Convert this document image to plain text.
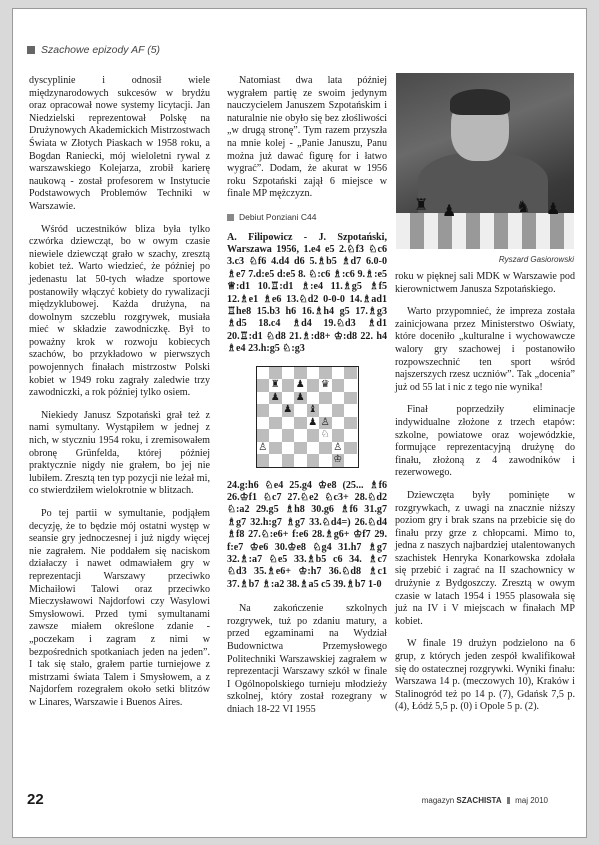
Szachowe epizody AF (5)

dyscyplinie i odnosił wiele międzynarodowych sukcesów w brydżu oraz opracował nowe systemy licytacji. Jan Niedzielski reprezentował Polskę na Drużynowych Akademickich Mistrzostwach Świata w Złotych Piaskach w 1958 roku, a Bogdan Raniecki, mój wieloletni rywal z warszawskiego Kolejarza, zrobił karierę naukową - został profesorem w Instytucie Podstawowych Problemów Techniki w Warszawie.

Wśród uczestników bliza była tylko czwórka dziewcząt, bo w owym czasie niewiele dziewcząt grało w szachy, zresztą kobiet też. Warto wiedzieć, że później po jedenastu lat 50-tych władze sportowe postanowiły włączyć kobiety do rywalizacji międzyklubowej. Każda drużyna, na dowolnym szczeblu rozgrywek, musiała mieć w składzie zawodniczkę. Był to poważny krok w rozwoju kobiecych szachów, bo przykładowo w pierwszych powojennych finałach mistrzostw Polski kobiet w 1949 roku zagrały zaledwie trzy zawodniczki, a rok później tylko osiem.

Niekiedy Janusz Szpotański grał też z nami symultany. Wystąpiłem w jednej z nich, w styczniu 1954 roku, i zremisowałem obronę Grünfelda, której później praktycznie nigdy nie grałem, bo jej nie lubiłem. Zresztą ten typ pozycji nie leżał mi, co stwierdziłem wielokrotnie w blitzach.

Po tej partii w symultanie, podjąłem decyzję, że to będzie mój ostatni występ w seansie gry jednoczesnej i już nigdy więcej nie zagrałem. Nie poddałem się naciskom działaczy i nawet odmawiałem gry w reprezentacji Warszawy przeciwko Michaiłowi Talowi oraz przeciwko Mieczysławowi Najdorfowi czy Wasylowi Smysłowowi. Przed tymi symultanami zawsze miałem określone zdanie - „poczekam i zagram z nimi w bezpośrednich spotkaniach jeden na jeden”. I tak się stało, grałem partie turniejowe z mistrzami świata Talem i Smysłowem, a z Najdorfem rozegrałem około setki blitzów w Linares, Warszawie i Buenos Aires.

Natomiast dwa lata później wygrałem partię ze swoim jedynym nauczycielem Januszem Szpotańskim i naturalnie nie obyło się bez złośliwości „w drugą stronę”. Tym razem przyszła na mnie kolej - „Panie Januszu, Panu można już dawać figurę for i łatwo wygrać”. Dodam, że akurat w 1956 roku Szpotański zajął 6 miejsce w finale MP mężczyzn.

Debiut Ponziani C44
A. Filipowicz - J. Szpotański, Warszawa 1956, 1.e4 e5 2.♘f3 ♘c6 3.c3 ♘f6 4.d4 d6 5.♗b5 ♗d7 6.0-0 ♗e7 7.d:e5 d:e5 8. ♘:c6 ♗:c6 9.♗:e5 ♕:d1 10.♖:d1 ♗:e4 11.♗g5 ♗f5 12.♗e1 ♗e6 13.♘d2 0-0-0 14.♗ad1 ♖he8 15.b3 h6 16.♗h4 g5 17.♗g3 ♗d5 18.c4 ♗d4 19.♘d3 ♗d1 20.♖:d1 ♘d8 21.♗:d8+ ♔:d8 22. h4 ♗e4 23.h:g5 ♘:g3
♜ ♟ ♛
♟ ♟
♟ ♝
♟ ♙
♘
♙	♙
♔
24.g:h6 ♘e4 25.g4 ♔e8 (25... ♗f6 26.♔f1 ♘c7 27.♘e2 ♘c3+ 28.♘d2 ♘:a2 29.g5 ♗h8 30.g6 ♗f6 31.g7 ♗g7 32.h:g7 ♗g7 33.♘d4=) 26.♘d4 ♗f8 27.♘:e6+ f:e6 28.♗g6+ ♔f7 29. f:e7 ♔e6 30.♔e8 ♘g4 31.h7 ♗g7 32.♗:a7 ♘e5 33.♗b5 c6 34. ♗c7 ♘d3 35.♗e6+ ♔:h7 36.♘d8 ♗c1 37.♗b7 ♗:a2 38.♗a5 c5 39.♗b7 1-0

Na zakończenie szkolnych rozgrywek, tuż po zdaniu matury, a przed egzaminami na Wydział Budownictwa Przemysłowego Politechniki Warszawskiej zagrałem w reprezentacji Warszawy szkół w finale I Ogólnopolskiego turnieju młodzieży szkolnej, który został rozegrany w dniach 18-22 VI 1955

♜ ♟	♞ ♟
Ryszard Gasiorowski

roku w pięknej sali MDK w Warszawie pod kierownictwem Janusza Szpotańskiego.

Warto przypomnieć, że impreza została zainicjowana przez Ministerstwo Oświaty, które doceniło „kulturalne i wychowawcze walory gry szachowej i postanowiło rozpowszechnić ten sport wśród najszerszych rzesz uczniów”. Tak „docenia” już od 55 lat i nic z tego nie wynika!

Finał poprzedziły eliminacje indywidualne złożone z trzech etapów: szkolne, powiatowe oraz wojewódzkie, formujące reprezentacyjną drużynę do finału, złożoną z 4 zawodników i rezerwowego.

Dziewczęta były pominięte w rozgrywkach, z uwagi na znacznie niższy poziom gry i brak szans na przebicie się do finału przy grze z chłopcami. Mimo to, jedna z naszych najbardziej utalentowanych szachistek Henryka Konarkowska zdołała się przebić i zagrać na II szachownicy w drużynie z Bydgoszczy. Zresztą w owym czasie w latach 1954 i 1955 plasowała się już na IV i V miejscach w finałach MP kobiet.

W finale 19 drużyn podzielono na 6 grup, z których jeden zespół kwalifikował się do ostatecznej rozgrywki. Wyniki finału: Warszawa 14 p. (meczowych 10), Kraków i Stalinogród też po 14 p. (7), Gdańsk 7,5 p. (4), Łódź 5,5 p. (0) i Opole 5 p. (2).

22	magazyn SZACHISTA maj 2010
